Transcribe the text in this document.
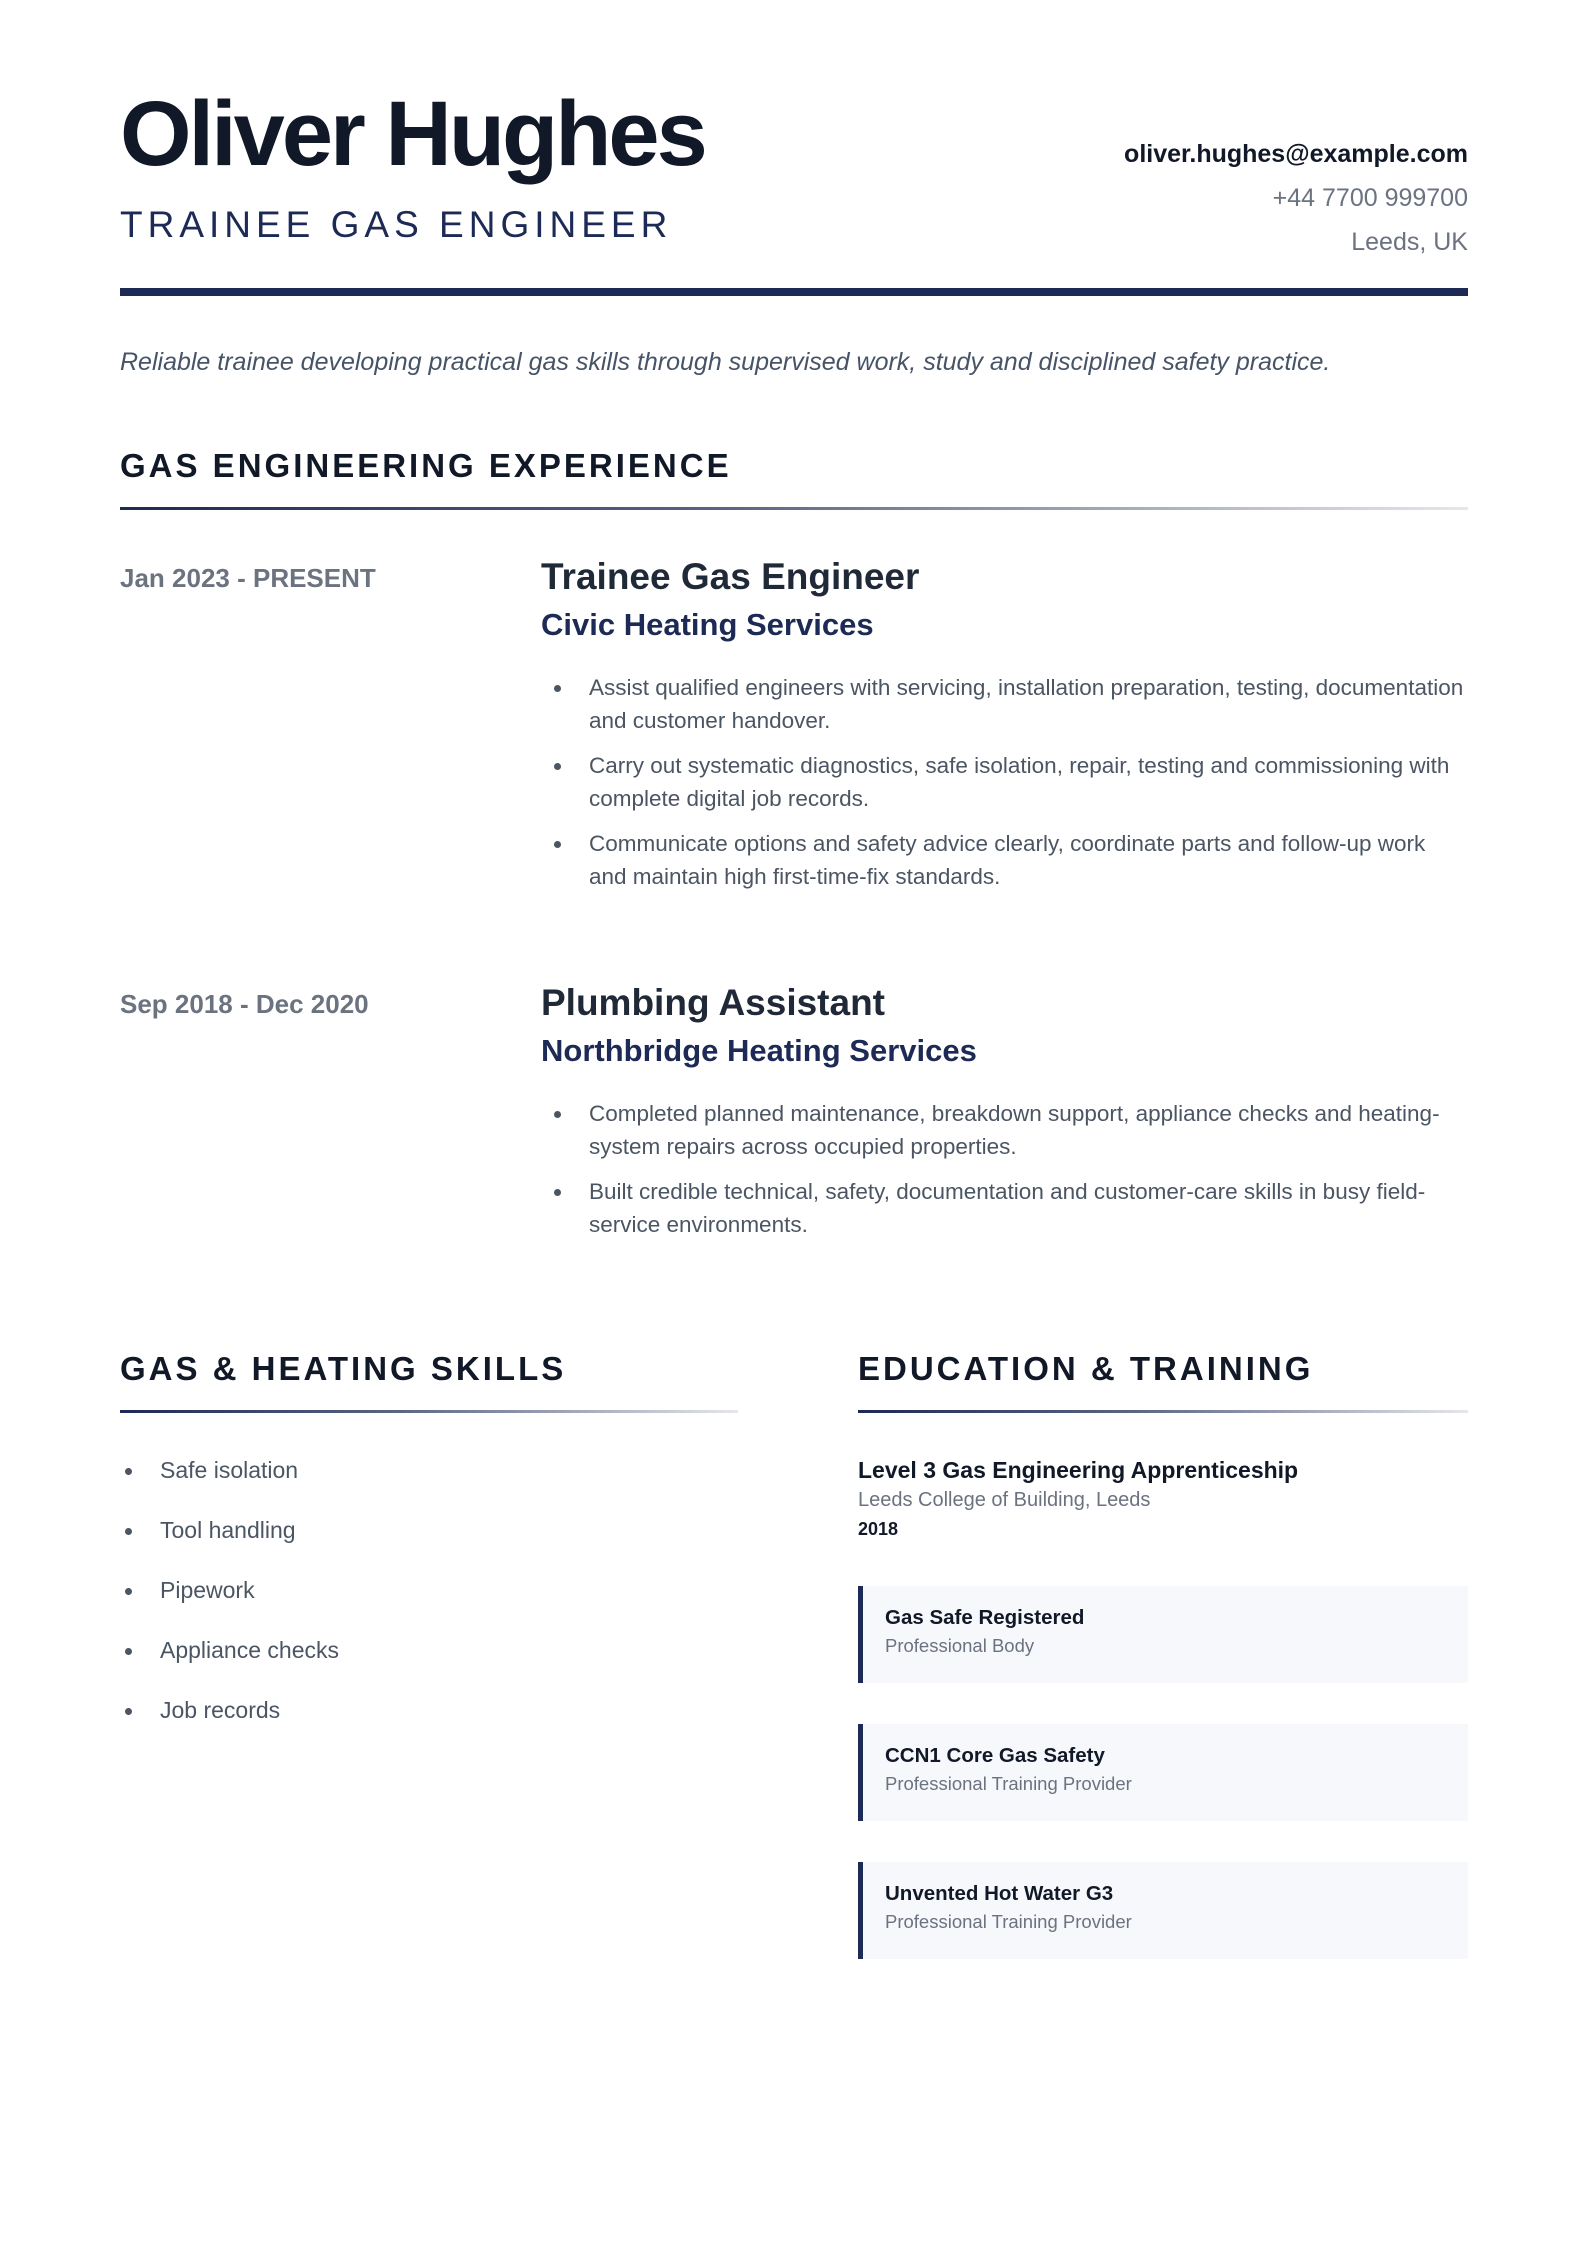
Oliver Hughes
TRAINEE GAS ENGINEER
oliver.hughes@example.com
+44 7700 999700
Leeds, UK
Reliable trainee developing practical gas skills through supervised work, study and disciplined safety practice.
GAS ENGINEERING EXPERIENCE
Jan 2023 - PRESENT	Trainee Gas Engineer
Civic Heating Services
Assist qualified engineers with servicing, installation preparation, testing, documentation and customer handover.
Carry out systematic diagnostics, safe isolation, repair, testing and commissioning with complete digital job records.
Communicate options and safety advice clearly, coordinate parts and follow-up work and maintain high first-time-fix standards.
Sep 2018 - Dec 2020	Plumbing Assistant
Northbridge Heating Services
Completed planned maintenance, breakdown support, appliance checks and heating-system repairs across occupied properties.
Built credible technical, safety, documentation and customer-care skills in busy field-service environments.
GAS & HEATING SKILLS
Safe isolation
Tool handling
Pipework
Appliance checks
Job records
EDUCATION & TRAINING
Level 3 Gas Engineering Apprenticeship
Leeds College of Building, Leeds
2018
Gas Safe Registered
Professional Body
CCN1 Core Gas Safety
Professional Training Provider
Unvented Hot Water G3
Professional Training Provider
